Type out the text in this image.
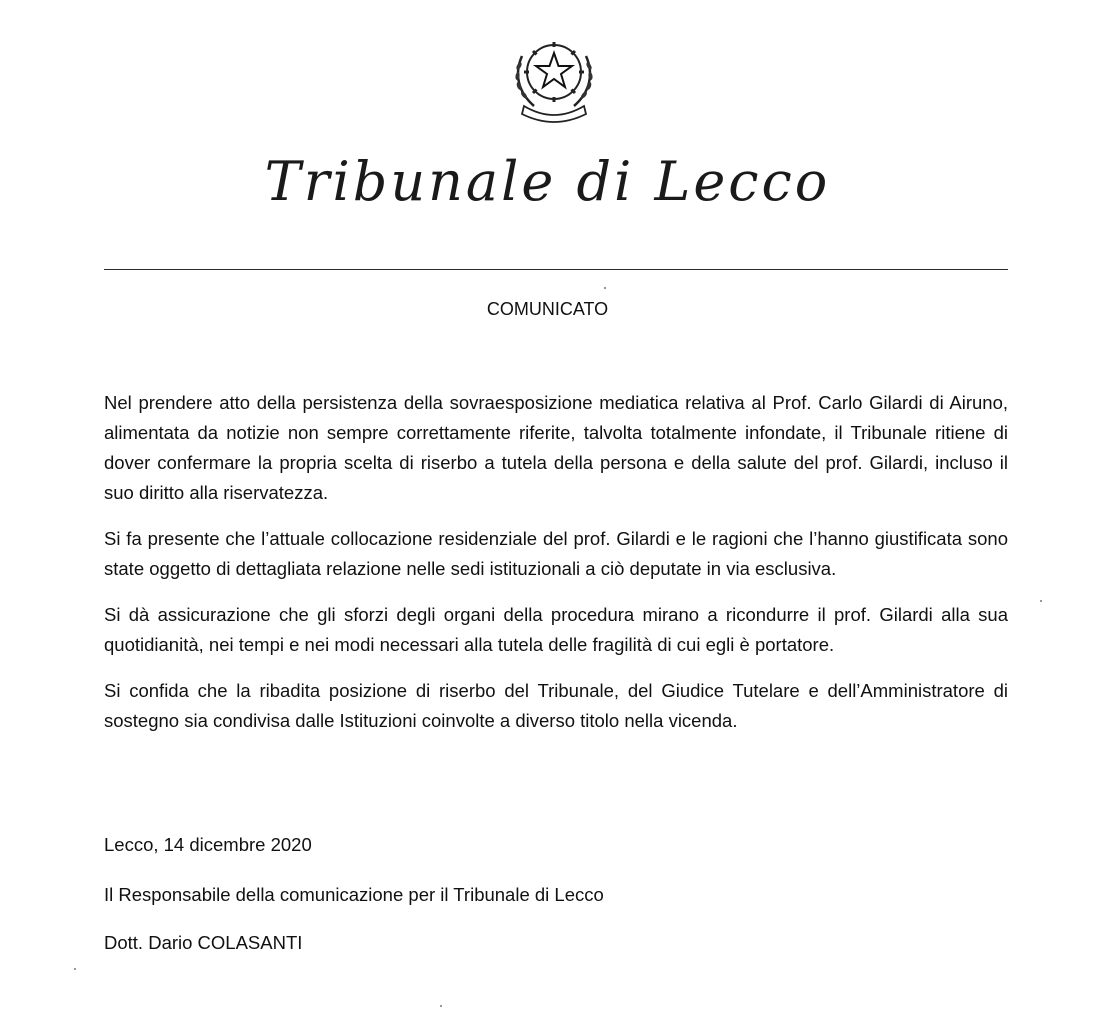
Tribunale di Lecco
COMUNICATO

Nel prendere atto della persistenza della sovraesposizione mediatica relativa al Prof. Carlo Gilardi di Airuno, alimentata da notizie non sempre correttamente riferite, talvolta totalmente infondate, il Tribunale ritiene di dover confermare la propria scelta di riserbo a tutela della persona e della salute del prof. Gilardi, incluso il suo diritto alla riservatezza.

Si fa presente che l’attuale collocazione residenziale del prof. Gilardi e le ragioni che l’hanno giustificata sono state oggetto di dettagliata relazione nelle sedi istituzionali a ciò deputate in via esclusiva.

Si dà assicurazione che gli sforzi degli organi della procedura mirano a ricondurre il prof. Gilardi alla sua quotidianità, nei tempi e nei modi necessari alla tutela delle fragilità di cui egli è portatore.

Si confida che la ribadita posizione di riserbo del Tribunale, del Giudice Tutelare e dell’Amministratore di sostegno sia condivisa dalle Istituzioni coinvolte a diverso titolo nella vicenda.

Lecco, 14 dicembre 2020
Il Responsabile della comunicazione per il Tribunale di Lecco
Dott. Dario COLASANTI
